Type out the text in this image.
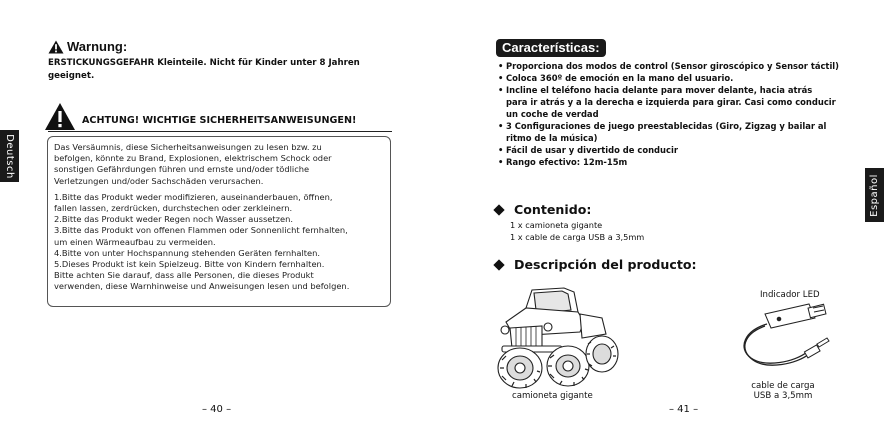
Deutsch
Warnung:
ERSTICKUNGSGEFAHR Kleinteile. Nicht für Kinder unter 8 Jahren geeignet.
ACHTUNG! WICHTIGE SICHERHEITSANWEISUNGEN!
Das Versäumnis, diese Sicherheitsanweisungen zu lesen bzw. zu
befolgen, könnte zu Brand, Explosionen, elektrischem Schock oder
sonstigen Gefährdungen führen und ernste und/oder tödliche
Verletzungen und/oder Sachschäden verursachen.
1.Bitte das Produkt weder modifizieren, auseinanderbauen, öffnen,
fallen lassen, zerdrücken, durchstechen oder zerkleinern.
2.Bitte das Produkt weder Regen noch Wasser aussetzen.
3.Bitte das Produkt von offenen Flammen oder Sonnenlicht fernhalten,
um einen Wärmeaufbau zu vermeiden.
4.Bitte von unter Hochspannung stehenden Geräten fernhalten.
5.Dieses Produkt ist kein Spielzeug. Bitte von Kindern fernhalten.
Bitte achten Sie darauf, dass alle Personen, die dieses Produkt
verwenden, diese Warnhinweise und Anweisungen lesen und befolgen.
– 40 –
Español
Características:
• Proporciona dos modos de control (Sensor giroscópico y Sensor táctil)
• Coloca 360º de emoción en la mano del usuario.
• Incline el teléfono hacia delante para mover delante, hacia atrás
para ir atrás y a la derecha e izquierda para girar. Casi como conducir
un coche de verdad
• 3 Configuraciones de juego preestablecidas (Giro, Zigzag y bailar al
ritmo de la música)
• Fácil de usar y divertido de conducir
• Rango efectivo: 12m-15m
Contenido:
1 x camioneta gigante
1 x cable de carga USB a 3,5mm
Descripción del producto:
Indicador LED
camioneta gigante
cable de carga
USB a 3,5mm
– 41 –
